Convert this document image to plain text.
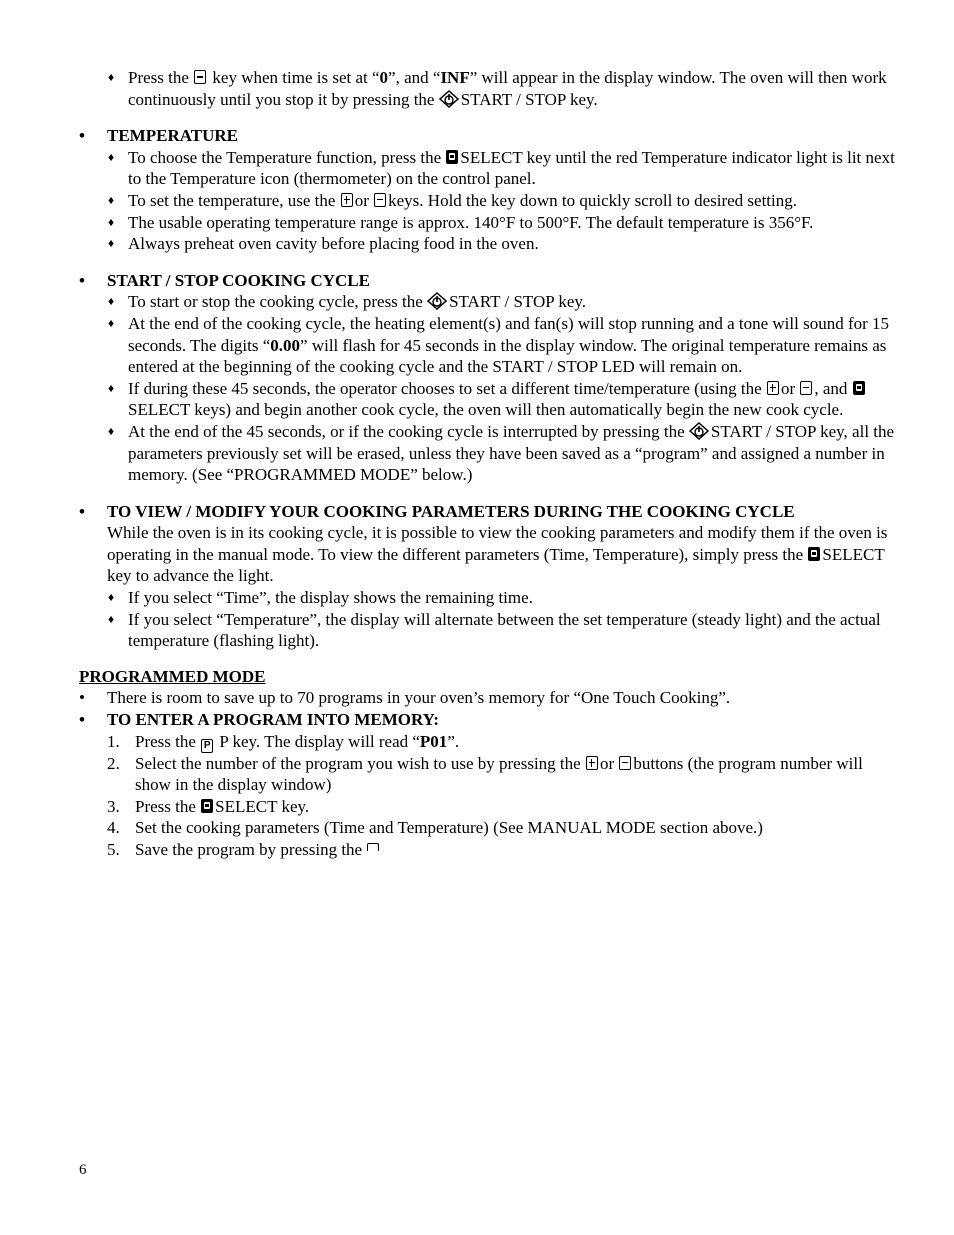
♦ Press the key when time is set at “0”, and “INF” will appear in the display window. The oven will then work continuously until you stop it by pressing the START / STOP key.
• TEMPERATURE
♦ To choose the Temperature function, press the SELECT key until the red Temperature indicator light is lit next to the Temperature icon (thermometer) on the control panel.
♦ To set the temperature, use the or keys. Hold the key down to quickly scroll to desired setting.
♦ The usable operating temperature range is approx. 140°F to 500°F. The default temperature is 356°F.
♦ Always preheat oven cavity before placing food in the oven.
• START / STOP COOKING CYCLE
♦ To start or stop the cooking cycle, press the START / STOP key.
♦ At the end of the cooking cycle, the heating element(s) and fan(s) will stop running and a tone will sound for 15 seconds. The digits “0.00” will flash for 45 seconds in the display window. The original temperature remains as entered at the beginning of the cooking cycle and the START / STOP LED will remain on.
♦ If during these 45 seconds, the operator chooses to set a different time/temperature (using the or , and SELECT keys) and begin another cook cycle, the oven will then automatically begin the new cook cycle.
♦ At the end of the 45 seconds, or if the cooking cycle is interrupted by pressing the START / STOP key, all the parameters previously set will be erased, unless they have been saved as a “program” and assigned a number in memory. (See “PROGRAMMED MODE” below.)
• TO VIEW / MODIFY YOUR COOKING PARAMETERS DURING THE COOKING CYCLE
While the oven is in its cooking cycle, it is possible to view the cooking parameters and modify them if the oven is operating in the manual mode. To view the different parameters (Time, Temperature), simply press the SELECT key to advance the light.
♦ If you select “Time”, the display shows the remaining time.
♦ If you select “Temperature”, the display will alternate between the set temperature (steady light) and the actual temperature (flashing light).
PROGRAMMED MODE
• There is room to save up to 70 programs in your oven’s memory for “One Touch Cooking”.
• TO ENTER A PROGRAM INTO MEMORY:
1. Press the P P key. The display will read “P01”.
2. Select the number of the program you wish to use by pressing the or buttons (the program number will show in the display window)
3. Press the SELECT key.
4. Set the cooking parameters (Time and Temperature) (See MANUAL MODE section above.)
5. Save the program by pressing the
6
